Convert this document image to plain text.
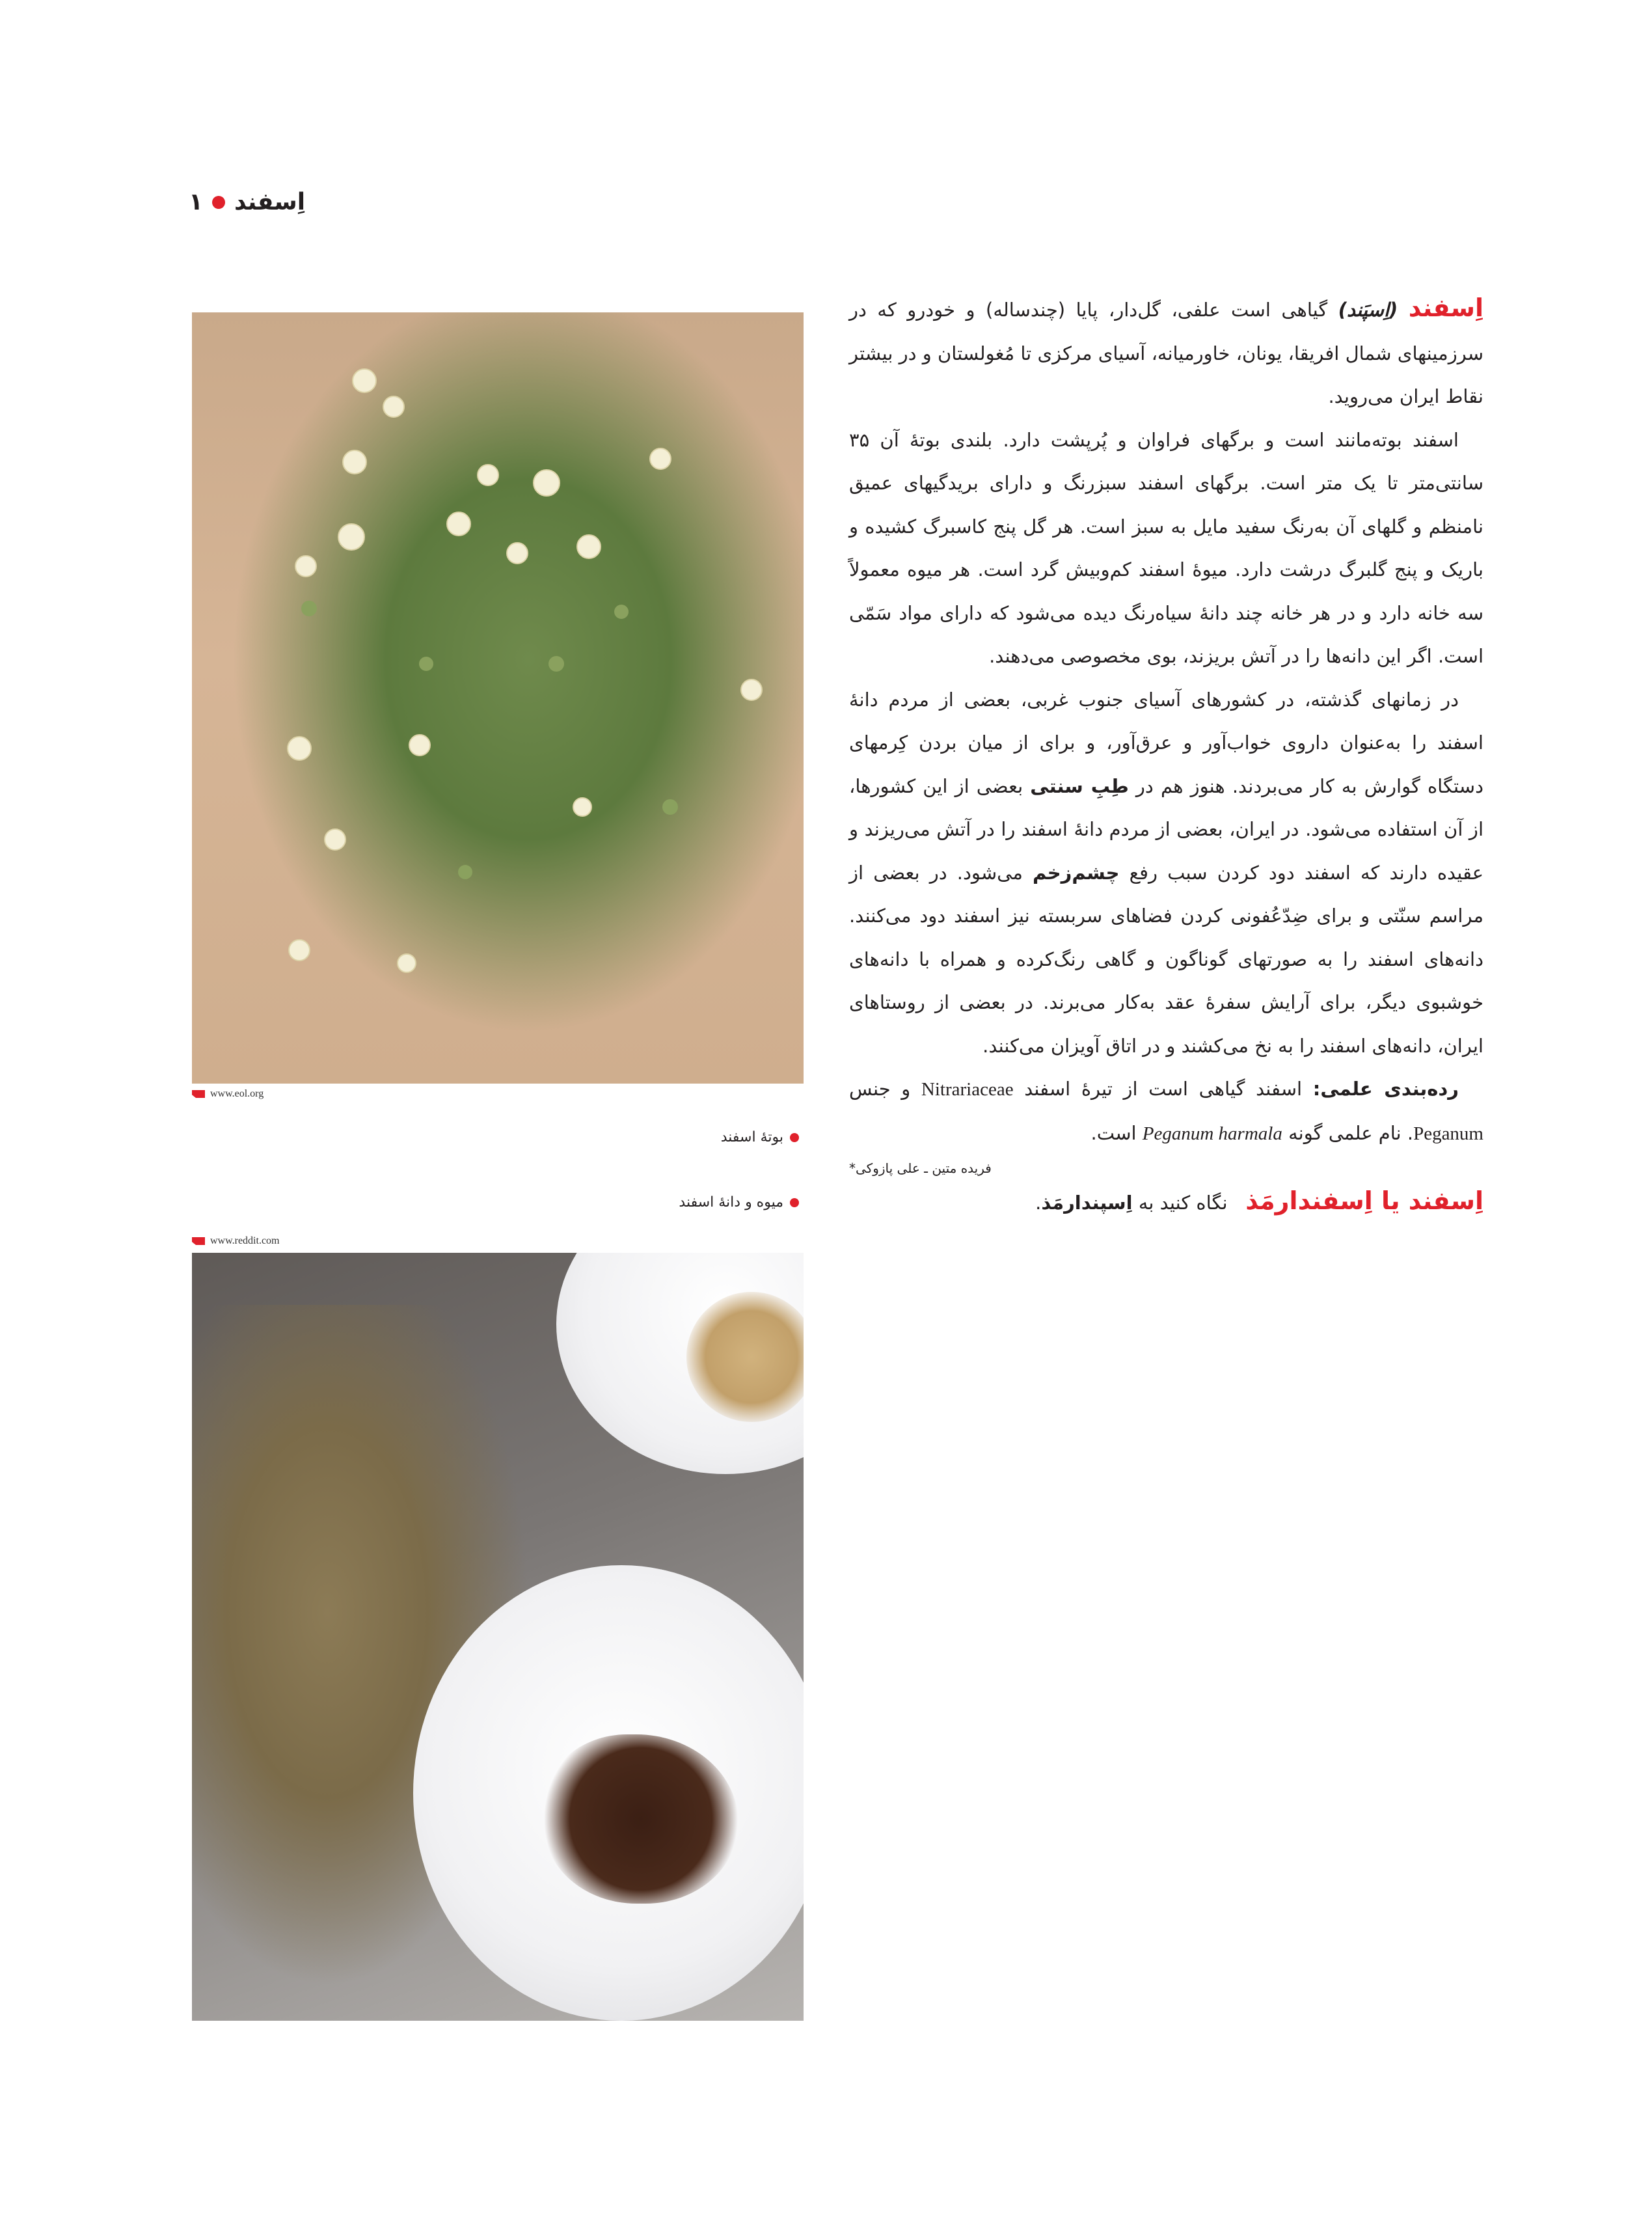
اِسفند
۱
www.eol.org
بوتهٔ اسفند
میوه و دانهٔ اسفند
www.reddit.com

اِسفند (اِسپَند) گیاهی است علفی، گل‌دار، پایا (چندساله) و خودرو که در سرزمینهای شمال افریقا، یونان، خاورمیانه، آسیای مرکزی تا مُغولستان و در بیشتر نقاط ایران می‌روید.

اسفند بوته‌مانند است و برگهای فراوان و پُرپشت دارد. بلندی بوتهٔ آن ۳۵ سانتی‌متر تا یک متر است. برگهای اسفند سبزرنگ و دارای بریدگیهای عمیق نامنظم و گلهای آن به‌رنگ سفید مایل به سبز است. هر گل پنج کاسبرگ کشیده و باریک و پنج گلبرگ درشت دارد. میوهٔ اسفند کم‌وبیش گرد است. هر میوه معمولاً سه خانه دارد و در هر خانه چند دانهٔ سیاه‌رنگ دیده می‌شود که دارای مواد سَمّی است. اگر این دانه‌ها را در آتش بریزند، بوی مخصوصی می‌دهند.

در زمانهای گذشته، در کشورهای آسیای جنوب غربی، بعضی از مردم دانهٔ اسفند را به‌عنوان داروی خواب‌آور و عرق‌آور، و برای از میان بردن کِرمهای دستگاه گوارش به کار می‌بردند. هنوز هم در طِبِ سنتی بعضی از این کشورها، از آن استفاده می‌شود. در ایران، بعضی از مردم دانهٔ اسفند را در آتش می‌ریزند و عقیده دارند که اسفند دود کردن سبب رفع چشم‌زخم می‌شود. در بعضی از مراسم سنّتی و برای ضِدّعُفونی کردن فضاهای سربسته نیز اسفند دود می‌کنند. دانه‌های اسفند را به صورتهای گوناگون و گاهی رنگ‌کرده و همراه با دانه‌های خوشبوی دیگر، برای آرایش سفرهٔ عقد به‌کار می‌برند. در بعضی از روستاهای ایران، دانه‌های اسفند را به نخ می‌کشند و در اتاق آویزان می‌کنند.

رده‌بندی علمی: اسفند گیاهی است از تیرهٔ اسفند Nitrariaceae و جنس Peganum. نام علمی گونه Peganum harmala است.

فریده متین ـ علی پازوکی*

اِسفند یا اِسفندارمَذ   نگاه کنید به اِسپندارمَذ.
